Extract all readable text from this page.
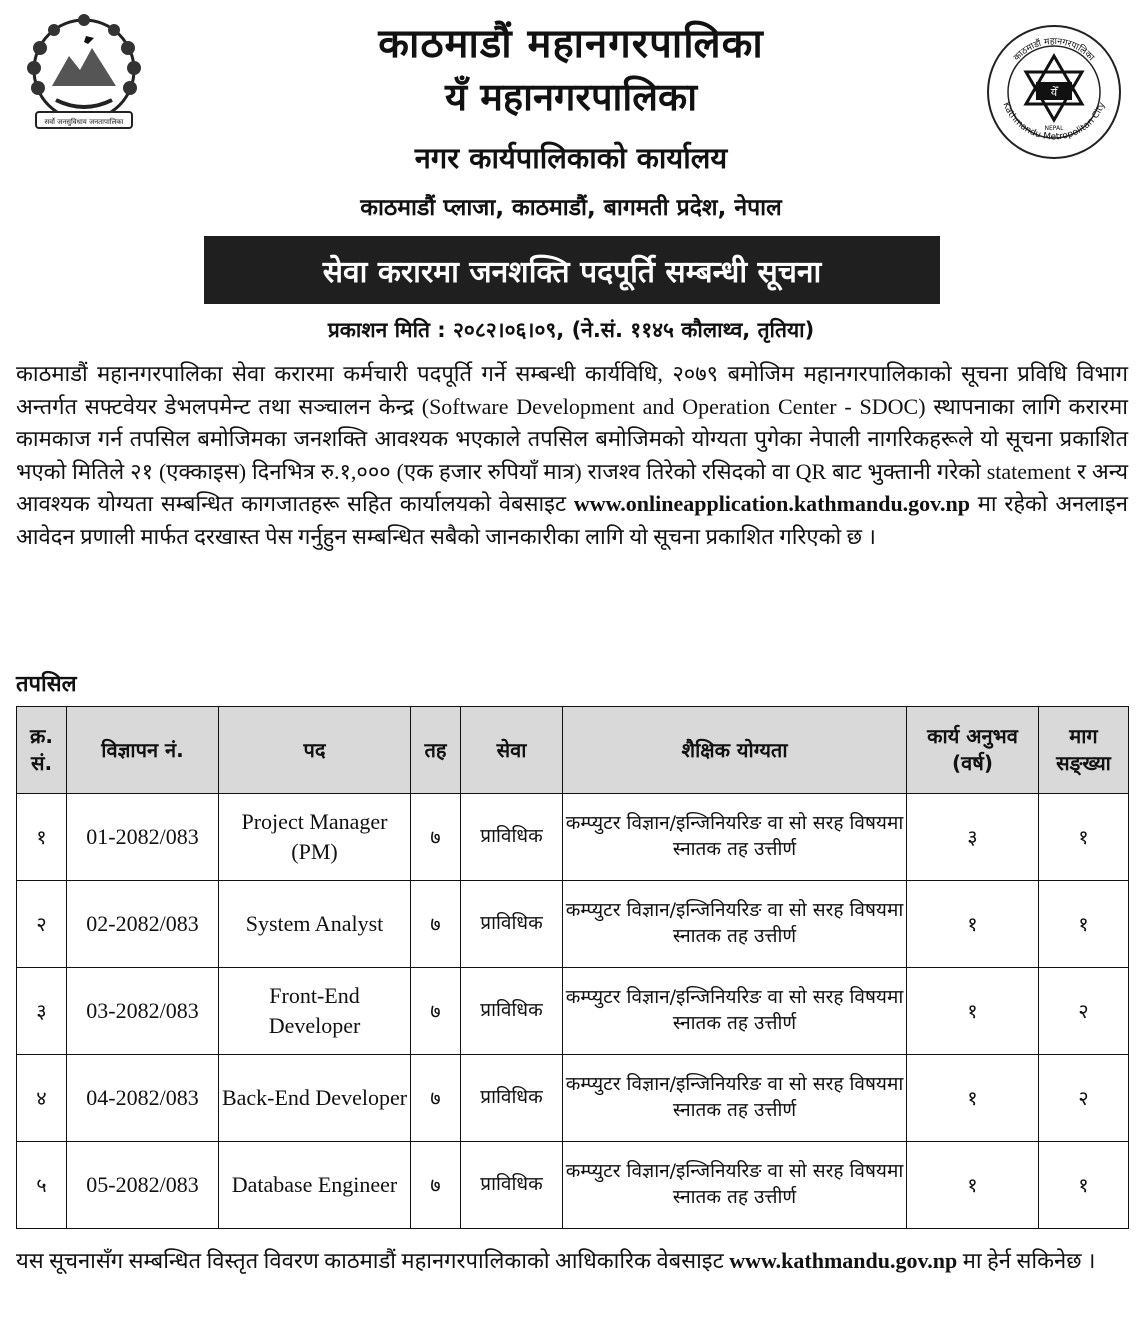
सर्वो जनसुविधाय जनतापालिका
काठमाडौं महानगरपालिका
Kathmandu Metropolitan City
येँ
NEPAL
काठमाडौं महानगरपालिका
यँ महानगरपालिका
नगर कार्यपालिकाको कार्यालय
काठमाडौं प्लाजा, काठमाडौं, बागमती प्रदेश, नेपाल
सेवा करारमा जनशक्ति पदपूर्ति सम्बन्धी सूचना
प्रकाशन मिति : २०८२।०६।०९, (ने.सं. ११४५ कौलाथ्व, तृतिया)
काठमाडौं महानगरपालिका सेवा करारमा कर्मचारी पदपूर्ति गर्ने सम्बन्धी कार्यविधि, २०७९ बमोजिम महानगरपालिकाको सूचना प्रविधि विभाग अन्तर्गत सफ्टवेयर डेभलपमेन्ट तथा सञ्चालन केन्द्र (Software Development and Operation Center - SDOC) स्थापनाका लागि करारमा कामकाज गर्न तपसिल बमोजिमका जनशक्ति आवश्यक भएकाले तपसिल बमोजिमको योग्यता पुगेका नेपाली नागरिकहरूले यो सूचना प्रकाशित भएको मितिले २१ (एक्काइस) दिनभित्र रु.१,००० (एक हजार रुपियाँ मात्र) राजश्व तिरेको रसिदको वा QR बाट भुक्तानी गरेको statement र अन्य आवश्यक योग्यता सम्बन्धित कागजातहरू सहित कार्यालयको वेबसाइट www.onlineapplication.kathmandu.gov.np मा रहेको अनलाइन आवेदन प्रणाली मार्फत दरखास्त पेस गर्नुहुन सम्बन्धित सबैको जानकारीका लागि यो सूचना प्रकाशित गरिएको छ ।
तपसिल
क्र. सं.	विज्ञापन नं.	पद	तह	सेवा	शैक्षिक योग्यता	कार्य अनुभव (वर्ष)	माग सङ्ख्या
१	01-2082/083	Project Manager (PM)	७	प्राविधिक	कम्प्युटर विज्ञान/इन्जिनियरिङ वा सो सरह विषयमा स्नातक तह उत्तीर्ण	३	१
२	02-2082/083	System Analyst	७	प्राविधिक	कम्प्युटर विज्ञान/इन्जिनियरिङ वा सो सरह विषयमा स्नातक तह उत्तीर्ण	१	१
३	03-2082/083	Front-End Developer	७	प्राविधिक	कम्प्युटर विज्ञान/इन्जिनियरिङ वा सो सरह विषयमा स्नातक तह उत्तीर्ण	१	२
४	04-2082/083	Back-End Developer	७	प्राविधिक	कम्प्युटर विज्ञान/इन्जिनियरिङ वा सो सरह विषयमा स्नातक तह उत्तीर्ण	१	२
५	05-2082/083	Database Engineer	७	प्राविधिक	कम्प्युटर विज्ञान/इन्जिनियरिङ वा सो सरह विषयमा स्नातक तह उत्तीर्ण	१	१
यस सूचनासँग सम्बन्धित विस्तृत विवरण काठमाडौं महानगरपालिकाको आधिकारिक वेबसाइट www.kathmandu.gov.np मा हेर्न सकिनेछ ।
